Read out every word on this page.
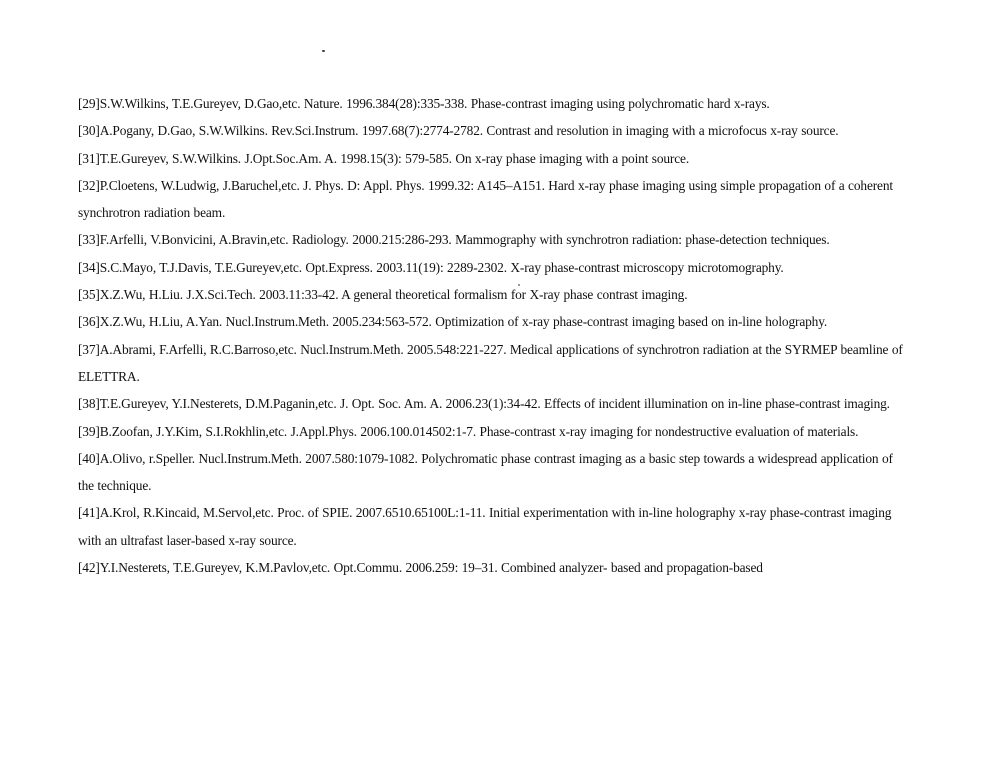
[29]S.W.Wilkins, T.E.Gureyev, D.Gao,etc. Nature. 1996.384(28):335-338. Phase-contrast imaging using polychromatic hard x-rays.

[30]A.Pogany, D.Gao, S.W.Wilkins. Rev.Sci.Instrum. 1997.68(7):2774-2782. Contrast and resolution in imaging with a microfocus x-ray source.

[31]T.E.Gureyev, S.W.Wilkins. J.Opt.Soc.Am. A. 1998.15(3): 579-585. On x-ray phase imaging with a point source.

[32]P.Cloetens, W.Ludwig, J.Baruchel,etc. J. Phys. D: Appl. Phys. 1999.32: A145–A151. Hard x-ray phase imaging using simple propagation of a coherent synchrotron radiation beam.

[33]F.Arfelli, V.Bonvicini, A.Bravin,etc. Radiology. 2000.215:286-293. Mammography with synchrotron radiation: phase-detection techniques.

[34]S.C.Mayo, T.J.Davis, T.E.Gureyev,etc. Opt.Express. 2003.11(19): 2289-2302. X-ray phase-contrast microscopy microtomography.

[35]X.Z.Wu, H.Liu. J.X.Sci.Tech. 2003.11:33-42. A general theoretical formalism for X-ray phase contrast imaging.

[36]X.Z.Wu, H.Liu, A.Yan. Nucl.Instrum.Meth. 2005.234:563-572. Optimization of x-ray phase-contrast imaging based on in-line holography.

[37]A.Abrami, F.Arfelli, R.C.Barroso,etc. Nucl.Instrum.Meth. 2005.548:221-227. Medical applications of synchrotron radiation at the SYRMEP beamline of ELETTRA.

[38]T.E.Gureyev, Y.I.Nesterets, D.M.Paganin,etc. J. Opt. Soc. Am. A. 2006.23(1):34-42. Effects of incident illumination on in-line phase-contrast imaging.

[39]B.Zoofan, J.Y.Kim, S.I.Rokhlin,etc. J.Appl.Phys. 2006.100.014502:1-7. Phase-contrast x-ray imaging for nondestructive evaluation of materials.

[40]A.Olivo, r.Speller. Nucl.Instrum.Meth. 2007.580:1079-1082. Polychromatic phase contrast imaging as a basic step towards a widespread application of the technique.

[41]A.Krol, R.Kincaid, M.Servol,etc. Proc. of SPIE. 2007.6510.65100L:1-11. Initial experimentation with in-line holography x-ray phase-contrast imaging with an ultrafast laser-based x-ray source.

[42]Y.I.Nesterets, T.E.Gureyev, K.M.Pavlov,etc. Opt.Commu. 2006.259: 19–31. Combined analyzer- based and propagation-based
